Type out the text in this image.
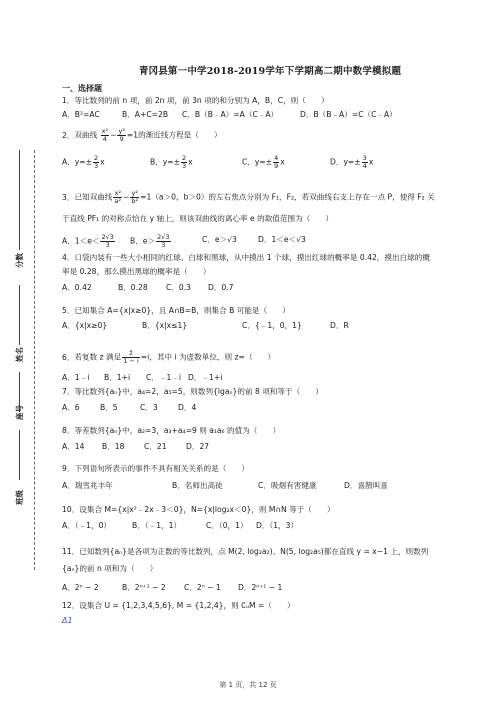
分数
姓名
座号
班级
青冈县第一中学2018-2019学年下学期高二期中数学模拟题
一、选择题
1．等比数列的前 n 项，前 2n 项，前 3n 项的和分别为 A，B，C，则（　　）
A．B²=AC	B．A+C=2B C．B（B﹣A）=A（C﹣A）	D．B（B﹣A）=C（C﹣A）
2．双曲线 $\frac{\text{x²}}{4} - \frac{\text{y²}}{9} =1$的渐近线方程是（　　）
A．$y=\pm \frac{2}{3}$ x	B．$y=\pm \frac{2}{3}$ x	C．$y=\pm \frac{4}{9}$ x	D．$y=\pm \frac{3}{4}$ x
3．已知双曲线 $\frac{\text{x²}}{\text{a²}} - \frac{\text{y²}}{\text{b²}} =1(a>0$，b＞0）的左右焦点分别为 F₁，F₂，若双曲线右支上存在一点 P，使得 F₂ 关
于直线 PF₁ 的对称点恰在 y 轴上，则该双曲线的离心率 e 的取值范围为（　　）
A．$1<e< \frac{2√3}{3}$ B．$e> \frac{2√3}{3}$	C．e＞√3	D．1＜e＜√3
4．口袋内装有一些大小相同的红球、白球和黑球，从中摸出 1 个球，摸出红球的概率是 0.42，摸出白球的概
率是 0.28，那么摸出黑球的概率是（　　）
A．0.42	B．0.28 C．0.3 D．0.7
5．已知集合 A={x|x≥0}，且 A∩B=B，则集合 B 可能是（　　）
A．{x|x≥0}	B．{x|x≤1}	C．{﹣1，0，1}	D．R
6．若复数 z 满足 $\frac{z̄}{1 - i} =i$，其中 i 为虚数单位，则 z=（　　）
A．1﹣i B．1+i C．﹣1﹣i D．﹣1+i
7．等比数列{aₙ}中，a₄=2，a₅=5，则数列{lgaₙ}的前 8 项和等于（　　）
A．6	B．5	C．3	D．4
8．等差数列{aₙ}中，a₂=3，a₃+a₄=9 则 a₁a₆ 的值为（　　）
A．14 B．18	C．21	D．27
9．下列语句所表示的事件不具有相关关系的是（　　）
A．瑞雪兆丰年	B．名师出高徒	C．吸烟有害健康	D．喜鹊叫喜
10．设集合 M={x|x²﹣2x﹣3＜0}，N={x|log₂x＜0}，则 M∩N 等于（　　）
A．（﹣1，0）	B．（﹣1，1）	C．（0，1） D．（1，3）
11．已知数列{aₙ}是各项为正数的等比数列，点 M(2, log₂a₂)、N(5, log₂a₅)都在直线 y = x−1 上，则数列
{aₙ}的前 n 项和为（　　）
A．2ⁿ − 2	B．2ⁿ⁺¹ − 2 C．2ⁿ − 1 D．2ⁿ⁺¹ − 1
12．设集合 U = {1,2,3,4,5,6}, M = {1,2,4}，则 ∁ᵤM =（　　）
Δ1
第 1 页，共 12 页
